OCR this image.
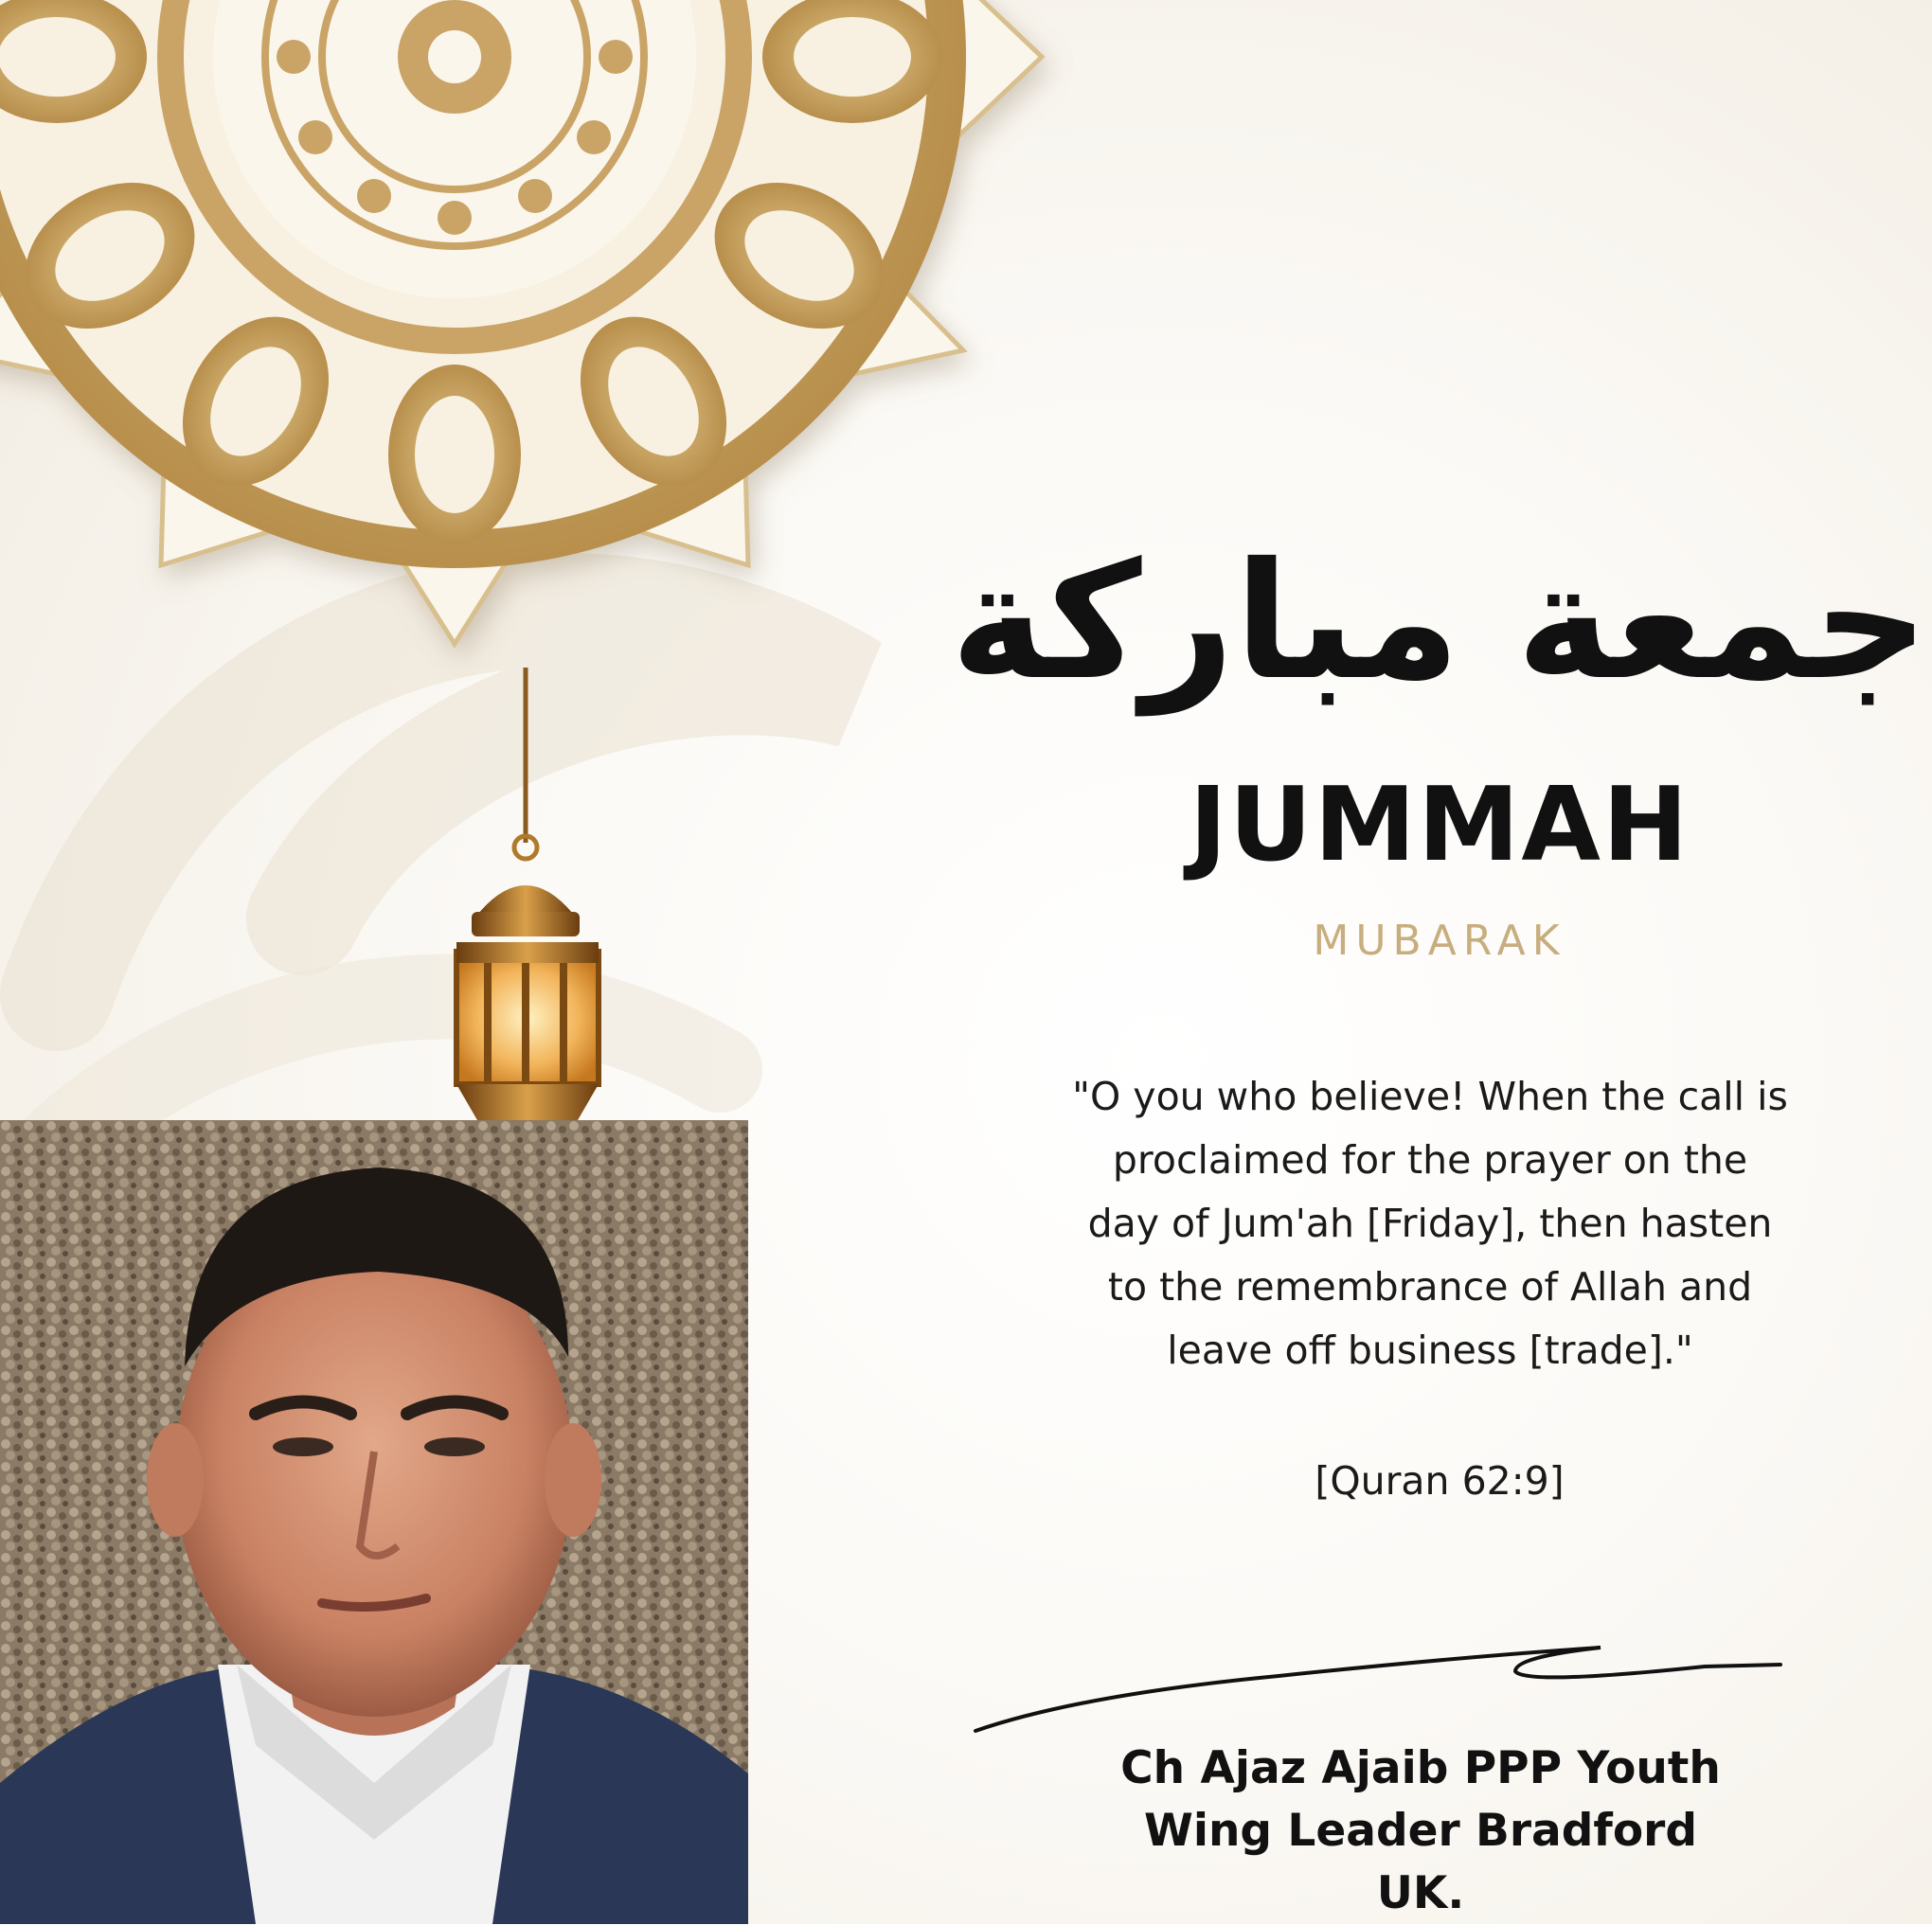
جمعة مباركة
JUMMAH
MUBARAK
"O you who believe! When the call is
proclaimed for the prayer on the
day of Jum'ah [Friday], then hasten
to the remembrance of Allah and
leave off business [trade]."
[Quran 62:9]
Ch Ajaz Ajaib PPP Youth
Wing Leader Bradford
UK.
